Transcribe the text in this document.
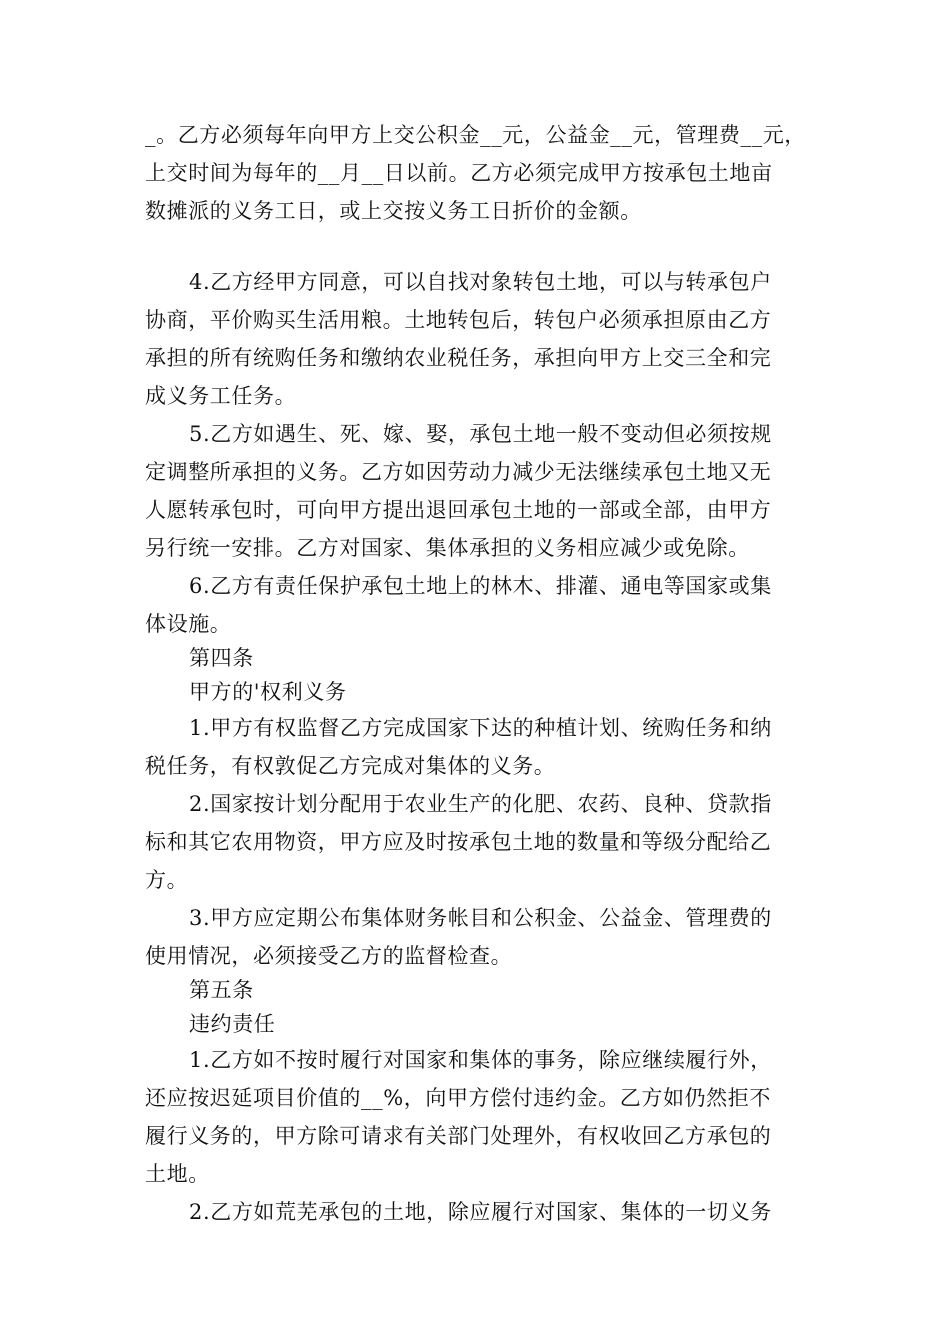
_。乙方必须每年向甲方上交公积金__元，公益金__元，管理费__元，
上交时间为每年的__月__日以前。乙方必须完成甲方按承包土地亩
数摊派的义务工日，或上交按义务工日折价的金额。
4.乙方经甲方同意，可以自找对象转包土地，可以与转承包户
协商，平价购买生活用粮。土地转包后，转包户必须承担原由乙方
承担的所有统购任务和缴纳农业税任务，承担向甲方上交三全和完
成义务工任务。
5.乙方如遇生、死、嫁、娶，承包土地一般不变动但必须按规
定调整所承担的义务。乙方如因劳动力减少无法继续承包土地又无
人愿转承包时，可向甲方提出退回承包土地的一部或全部，由甲方
另行统一安排。乙方对国家、集体承担的义务相应减少或免除。
6.乙方有责任保护承包土地上的林木、排灌、通电等国家或集
体设施。
第四条
甲方的'权利义务
1.甲方有权监督乙方完成国家下达的种植计划、统购任务和纳
税任务，有权敦促乙方完成对集体的义务。
2.国家按计划分配用于农业生产的化肥、农药、良种、贷款指
标和其它农用物资，甲方应及时按承包土地的数量和等级分配给乙
方。
3.甲方应定期公布集体财务帐目和公积金、公益金、管理费的
使用情况，必须接受乙方的监督检查。
第五条
违约责任
1.乙方如不按时履行对国家和集体的事务，除应继续履行外，
还应按迟延项目价值的__%，向甲方偿付违约金。乙方如仍然拒不
履行义务的，甲方除可请求有关部门处理外，有权收回乙方承包的
土地。
2.乙方如荒芜承包的土地，除应履行对国家、集体的一切义务
